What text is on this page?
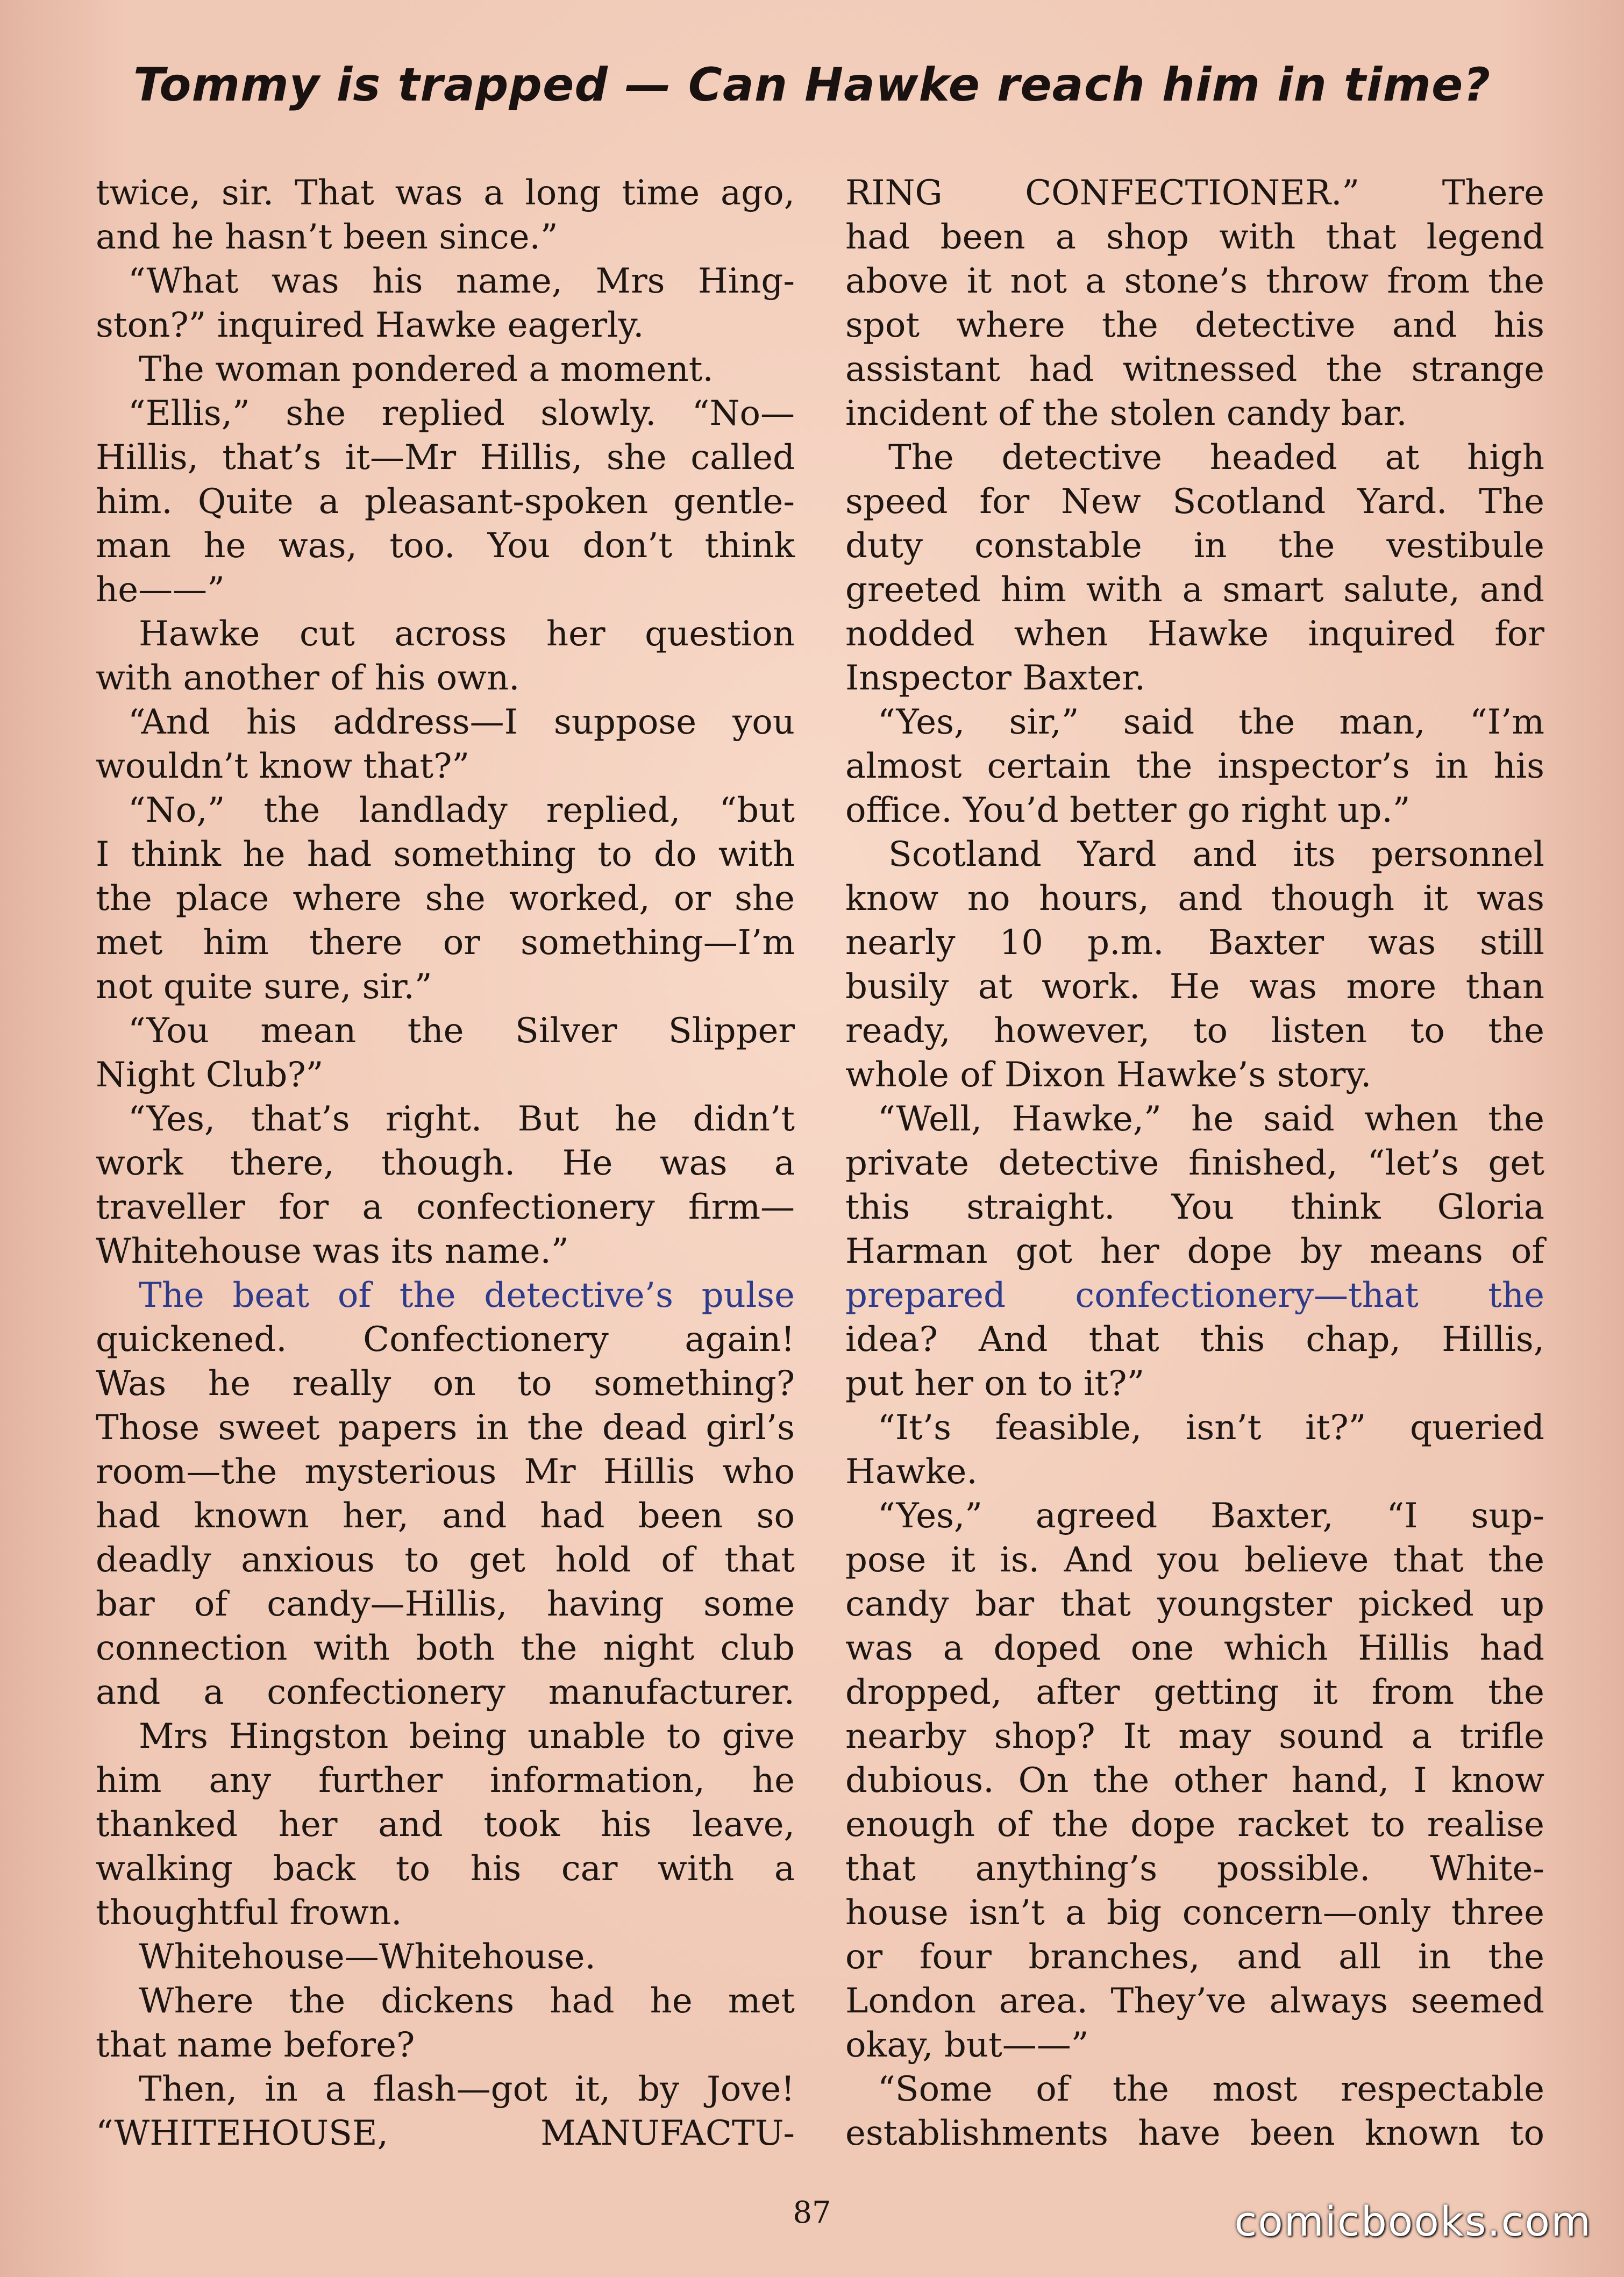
Tommy is trapped — Can Hawke reach him in time?
twice, sir. That was a long time ago,
and he hasn’t been since.”
“What was his name, Mrs Hing-
ston?” inquired Hawke eagerly.
The woman pondered a moment.
“Ellis,” she replied slowly. “No—
Hillis, that’s it—Mr Hillis, she called
him. Quite a pleasant-spoken gentle-
man he was, too. You don’t think
he——”
Hawke cut across her question
with another of his own.
“And his address—I suppose you
wouldn’t know that?”
“No,” the landlady replied, “but
I think he had something to do with
the place where she worked, or she
met him there or something—I’m
not quite sure, sir.”
“You mean the Silver Slipper
Night Club?”
“Yes, that’s right. But he didn’t
work there, though. He was a
traveller for a confectionery firm—
Whitehouse was its name.”
The beat of the detective’s pulse
quickened. Confectionery again!
Was he really on to something?
Those sweet papers in the dead girl’s
room—the mysterious Mr Hillis who
had known her, and had been so
deadly anxious to get hold of that
bar of candy—Hillis, having some
connection with both the night club
and a confectionery manufacturer.
Mrs Hingston being unable to give
him any further information, he
thanked her and took his leave,
walking back to his car with a
thoughtful frown.
Whitehouse—Whitehouse.
Where the dickens had he met
that name before?
Then, in a flash—got it, by Jove!
“WHITEHOUSE, MANUFACTU-
RING CONFECTIONER.” There
had been a shop with that legend
above it not a stone’s throw from the
spot where the detective and his
assistant had witnessed the strange
incident of the stolen candy bar.
The detective headed at high
speed for New Scotland Yard. The
duty constable in the vestibule
greeted him with a smart salute, and
nodded when Hawke inquired for
Inspector Baxter.
“Yes, sir,” said the man, “I’m
almost certain the inspector’s in his
office. You’d better go right up.”
Scotland Yard and its personnel
know no hours, and though it was
nearly 10 p.m. Baxter was still
busily at work. He was more than
ready, however, to listen to the
whole of Dixon Hawke’s story.
“Well, Hawke,” he said when the
private detective finished, “let’s get
this straight. You think Gloria
Harman got her dope by means of
prepared confectionery—that the
idea? And that this chap, Hillis,
put her on to it?”
“It’s feasible, isn’t it?” queried
Hawke.
“Yes,” agreed Baxter, “I sup-
pose it is. And you believe that the
candy bar that youngster picked up
was a doped one which Hillis had
dropped, after getting it from the
nearby shop? It may sound a trifle
dubious. On the other hand, I know
enough of the dope racket to realise
that anything’s possible. White-
house isn’t a big concern—only three
or four branches, and all in the
London area. They’ve always seemed
okay, but——”
“Some of the most respectable
establishments have been known to
87	comicbooks.com
